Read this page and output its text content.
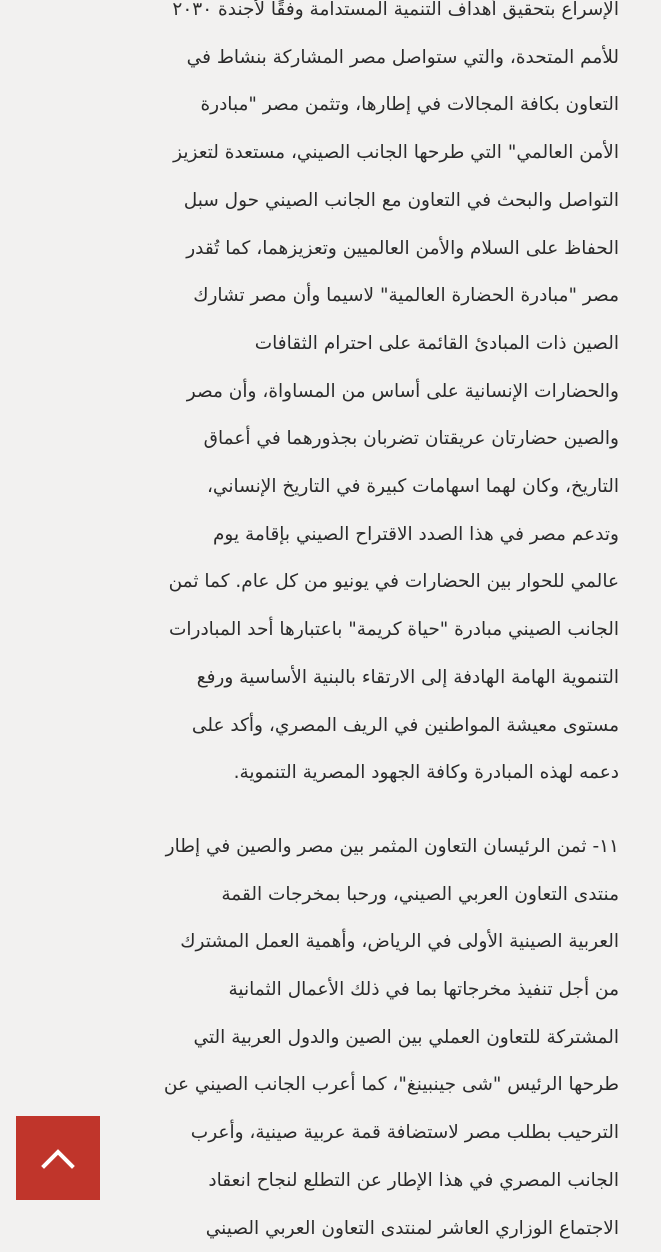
الإسراع بتحقيق أهداف التنمية المستدامة وفقًا لأجندة ٢٠٣٠
للأمم المتحدة، والتي ستواصل مصر المشاركة بنشاط في
التعاون بكافة المجالات في إطارها، وتثمن مصر "مبادرة
الأمن العالمي" التي طرحها الجانب الصيني، مستعدة لتعزيز
التواصل والبحث في التعاون مع الجانب الصيني حول سبل
الحفاظ على السلام والأمن العالميين وتعزيزهما، كما تُقدر
مصر "مبادرة الحضارة العالمية" لاسيما وأن مصر تشارك
الصين ذات المبادئ القائمة على احترام الثقافات
والحضارات الإنسانية على أساس من المساواة، وأن مصر
والصين حضارتان عريقتان تضربان بجذورهما في أعماق
التاريخ، وكان لهما اسهامات كبيرة في التاريخ الإنساني،
وتدعم مصر في هذا الصدد الاقتراح الصيني بإقامة يوم
عالمي للحوار بين الحضارات في يونيو من كل عام. كما ثمن
الجانب الصيني مبادرة "حياة كريمة" باعتبارها أحد المبادرات
التنموية الهامة الهادفة إلى الارتقاء بالبنية الأساسية ورفع
مستوى معيشة المواطنين في الريف المصري، وأكد على
دعمه لهذه المبادرة وكافة الجهود المصرية التنموية.

١١- ثمن الرئيسان التعاون المثمر بين مصر والصين في إطار
منتدى التعاون العربي الصيني، ورحبا بمخرجات القمة
العربية الصينية الأولى في الرياض، وأهمية العمل المشترك
من أجل تنفيذ مخرجاتها بما في ذلك الأعمال الثمانية
المشتركة للتعاون العملي بين الصين والدول العربية التي
طرحها الرئيس "شى جينبينغ"، كما أعرب الجانب الصيني عن
الترحيب بطلب مصر لاستضافة قمة عربية صينية، وأعرب
الجانب المصري في هذا الإطار عن التطلع لنجاح انعقاد
الاجتماع الوزاري العاشر لمنتدى التعاون العربي الصيني
